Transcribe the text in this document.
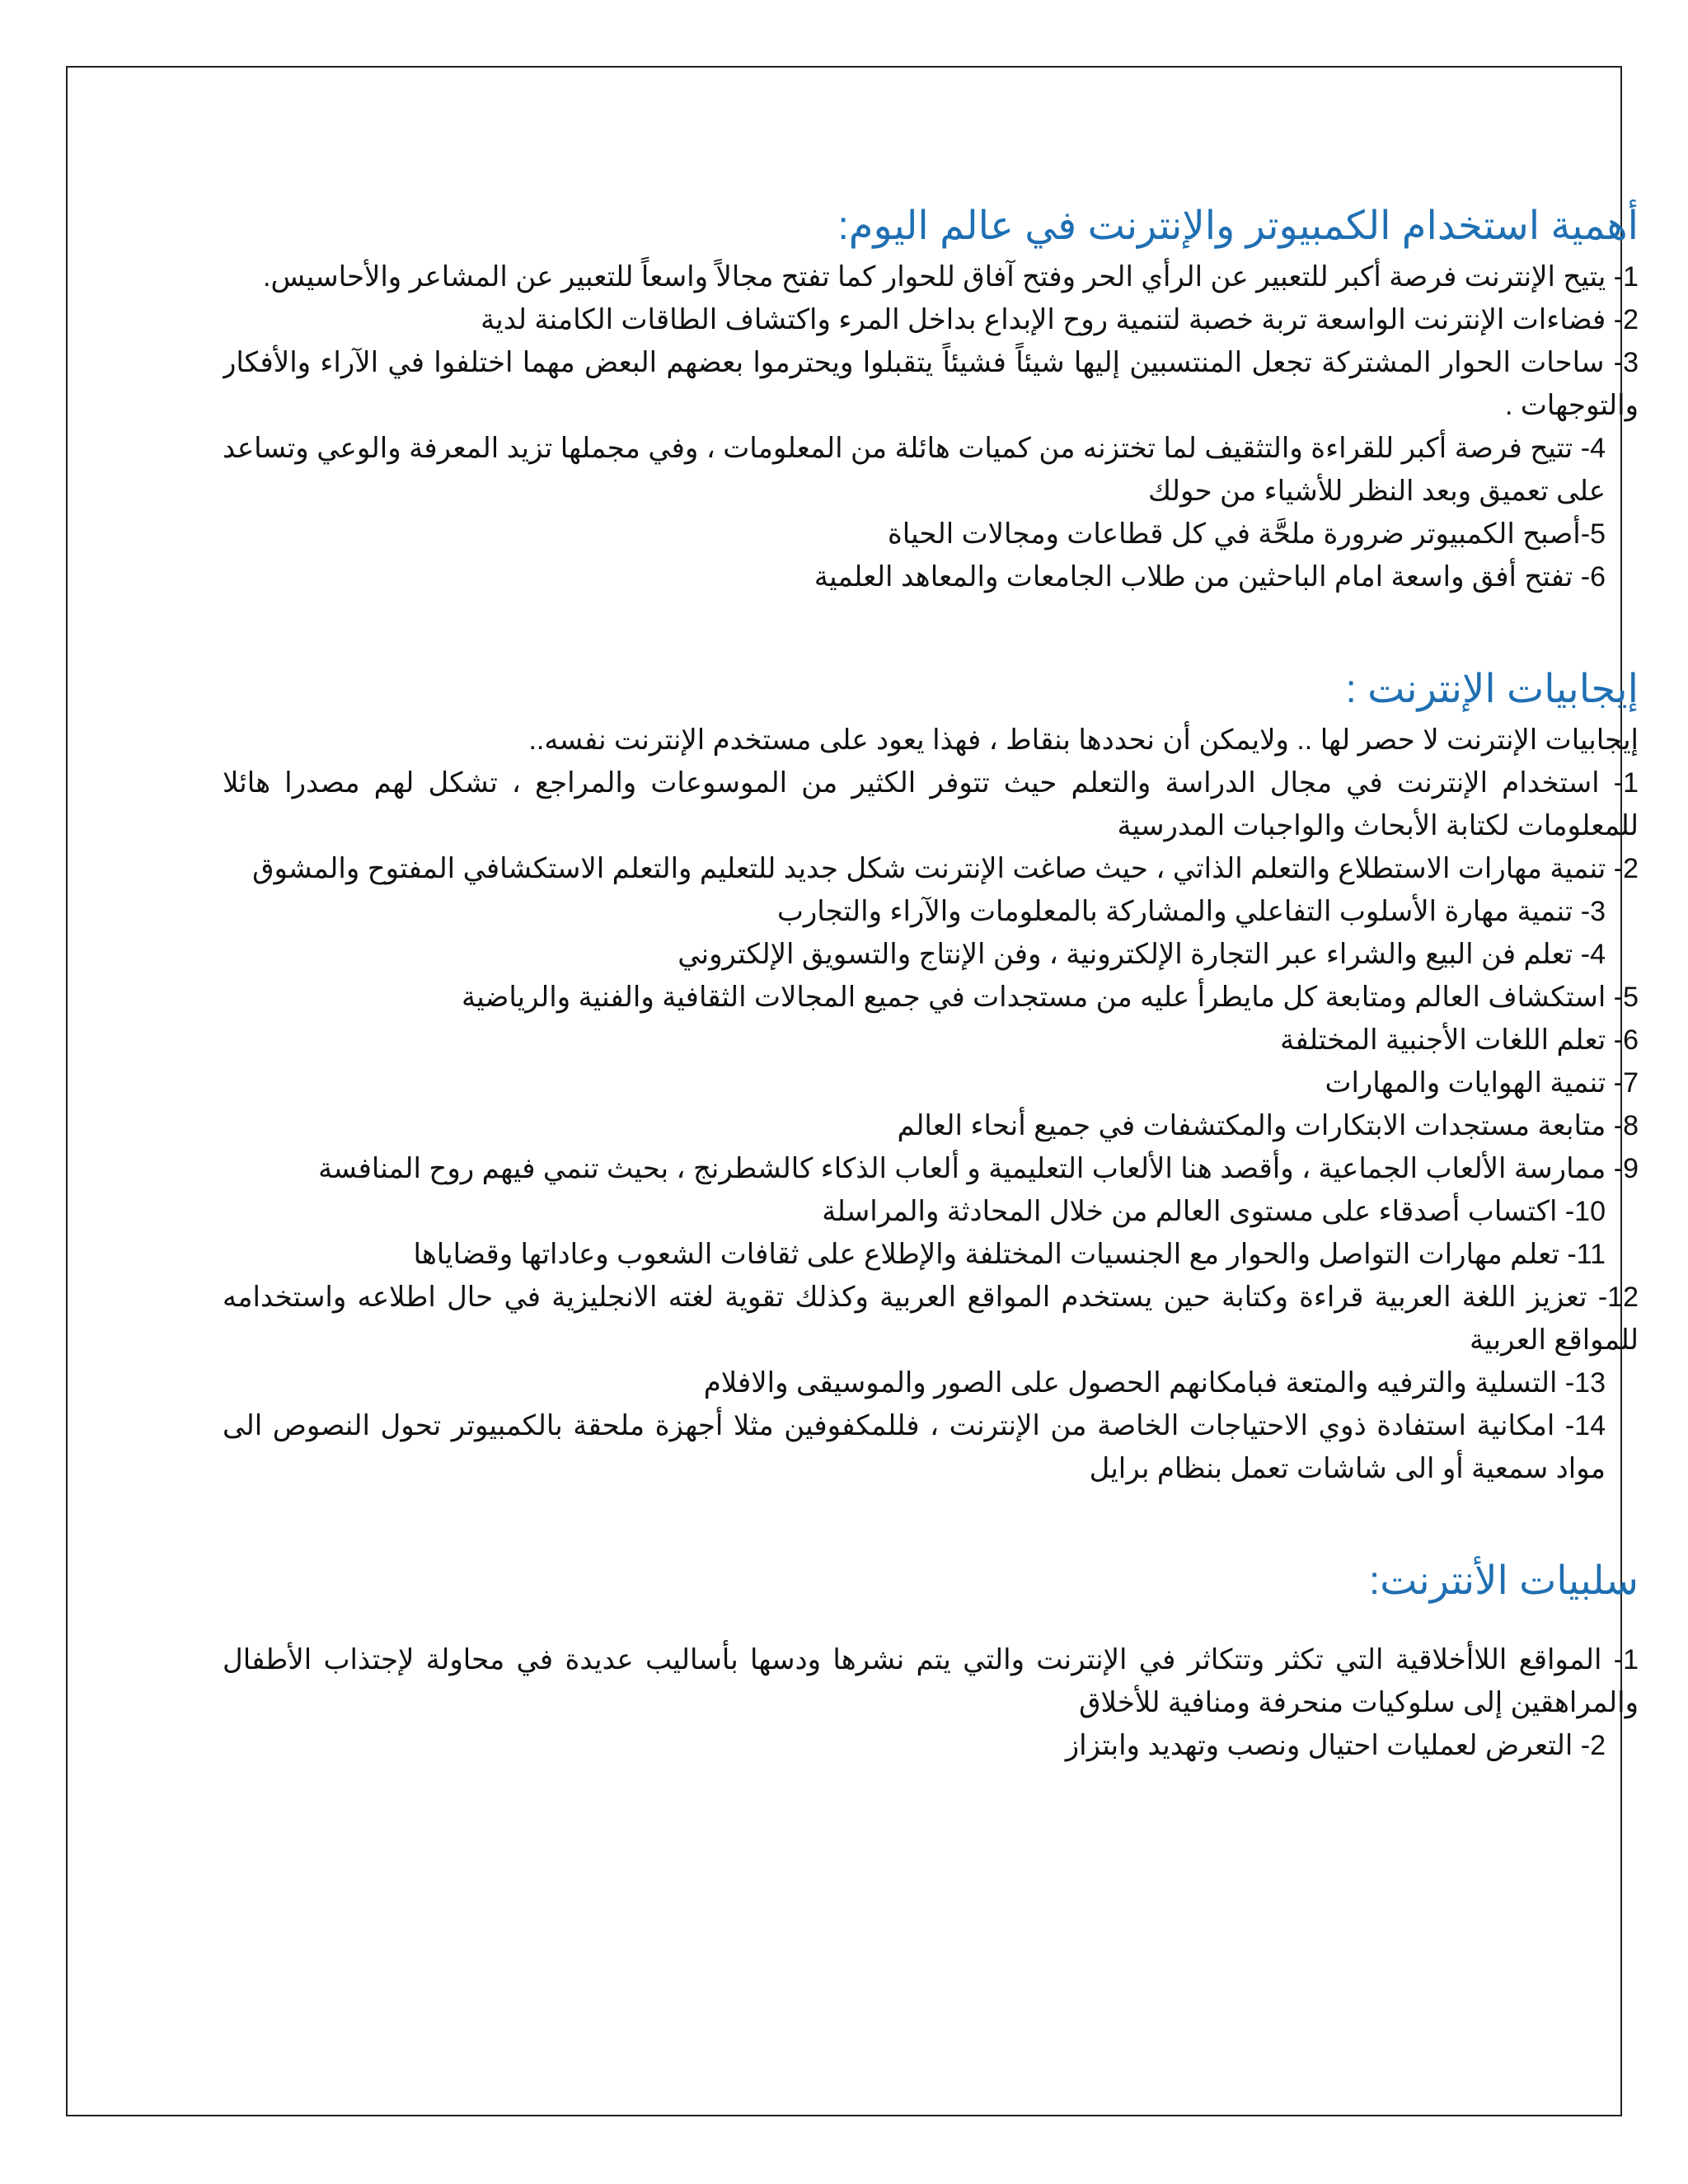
أهمية استخدام الكمبيوتر والإنترنت في عالم اليوم:

1- يتيح الإنترنت فرصة أكبر للتعبير عن الرأي الحر وفتح آفاق للحوار كما تفتح مجالاً واسعاً للتعبير عن المشاعر والأحاسيس.

2- فضاءات الإنترنت الواسعة تربة خصبة لتنمية روح الإبداع بداخل المرء واكتشاف الطاقات الكامنة لدية

3- ساحات الحوار المشتركة تجعل المنتسبين إليها شيئاً فشيئاً يتقبلوا ويحترموا بعضهم البعض مهما اختلفوا في الآراء والأفكار والتوجهات .

4- تتيح فرصة أكبر للقراءة والتثقيف لما تختزنه من كميات هائلة من المعلومات ، وفي مجملها تزيد المعرفة والوعي وتساعد على تعميق وبعد النظر للأشياء من حولك

5-أصبح الكمبيوتر ضرورة ملحَّة في كل قطاعات ومجالات الحياة

6- تفتح أفق واسعة امام الباحثين من طلاب الجامعات والمعاهد العلمية

إيجابيات الإنترنت :

إيجابيات الإنترنت لا حصر لها .. ولايمكن أن نحددها بنقاط ، فهذا يعود على مستخدم الإنترنت نفسه..

1- استخدام الإنترنت في مجال الدراسة والتعلم حيث تتوفر الكثير من الموسوعات والمراجع ، تشكل لهم مصدرا هائلا للمعلومات لكتابة الأبحاث والواجبات المدرسية

2- تنمية مهارات الاستطلاع والتعلم الذاتي ، حيث صاغت الإنترنت شكل جديد للتعليم والتعلم الاستكشافي المفتوح والمشوق

3- تنمية مهارة الأسلوب التفاعلي والمشاركة بالمعلومات والآراء والتجارب

4- تعلم فن البيع والشراء عبر التجارة الإلكترونية ، وفن الإنتاج والتسويق الإلكتروني

5- استكشاف العالم ومتابعة كل مايطرأ عليه من مستجدات في جميع المجالات الثقافية والفنية والرياضية

6- تعلم اللغات الأجنبية المختلفة

7- تنمية الهوايات والمهارات

8- متابعة مستجدات الابتكارات والمكتشفات في جميع أنحاء العالم

9- ممارسة الألعاب الجماعية ، وأقصد هنا الألعاب التعليمية و ألعاب الذكاء كالشطرنج ، بحيث تنمي فيهم روح المنافسة

10- اكتساب أصدقاء على مستوى العالم من خلال المحادثة والمراسلة

11- تعلم مهارات التواصل والحوار مع الجنسيات المختلفة والإطلاع على ثقافات الشعوب وعاداتها وقضاياها

12- تعزيز اللغة العربية قراءة وكتابة حين يستخدم المواقع العربية وكذلك تقوية لغته الانجليزية في حال اطلاعه واستخدامه للمواقع العربية

13- التسلية والترفيه والمتعة فبامكانهم الحصول على الصور والموسيقى والافلام

14- امكانية استفادة ذوي الاحتياجات الخاصة من الإنترنت ، فللمكفوفين مثلا أجهزة ملحقة بالكمبيوتر تحول النصوص الى مواد سمعية أو الى شاشات تعمل بنظام برايل

سلبيات الأنترنت:

1- المواقع اللاأخلاقية التي تكثر وتتكاثر في الإنترنت والتي يتم نشرها ودسها بأساليب عديدة في محاولة لإجتذاب الأطفال والمراهقين إلى سلوكيات منحرفة ومنافية للأخلاق

2- التعرض لعمليات احتيال ونصب وتهديد وابتزاز
